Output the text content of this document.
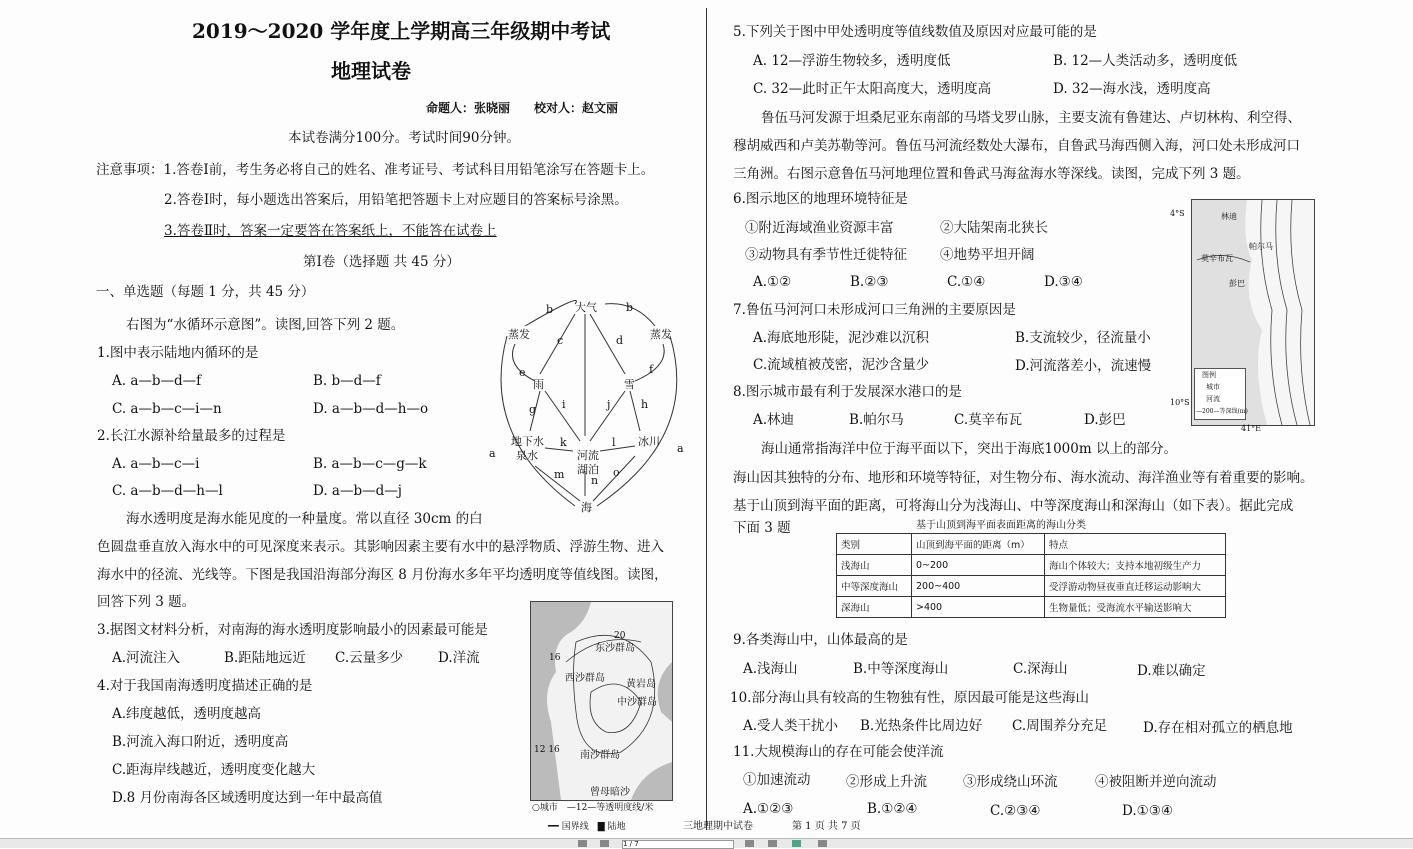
2019～2020 学年度上学期高三年级期中考试
地理试卷
命题人：张晓丽　　校对人：赵文丽
本试卷满分100分。考试时间90分钟。
注意事项：1.答卷Ⅰ前，考生务必将自己的姓名、准考证号、考试科目用铅笔涂写在答题卡上。
2.答卷Ⅰ时，每小题选出答案后，用铅笔把答题卡上对应题目的答案标号涂黑。
3.答卷Ⅱ时，答案一定要答在答案纸上，不能答在试卷上
第Ⅰ卷（选择题 共 45 分）
一、单选题（每题 1 分，共 45 分）
右图为“水循环示意图”。读图,回答下列 2 题。
1.图中表示陆地内循环的是
A. a—b—d—f	B. b—d—f
C. a—b—c—i—n	D. a—b—d—h—o
2.长江水源补给量最多的过程是
A. a—b—c—i	B. a—b—c—g—k
C. a—b—d—h—l	D. a—b—d—j
大气
蒸发	蒸发
雨	雪
地下水
泉水	河流
湖泊
冰川
海
b	b
c	d
e	f
g i	j	h
k	l
m n
o
a	a
海水透明度是海水能见度的一种量度。常以直径 30cm 的白
色圆盘垂直放入海水中的可见深度来表示。其影响因素主要有水中的悬浮物质、浮游生物、进入
海水中的径流、光线等。下图是我国沿海部分海区 8 月份海水多年平均透明度等值线图。读图，
回答下列 3 题。
3.据图文材料分析，对南海的海水透明度影响最小的因素最可能是
A.河流注入	B.距陆地远近 C.云量多少	D.洋流
4.对于我国南海透明度描述正确的是
A.纬度越低，透明度越高
B.河流入海口附近，透明度高
C.距海岸线越近，透明度变化越大
D.8 月份南海各区域透明度达到一年中最高值
东沙群岛
西沙群岛
黄岩岛
中沙群岛
南沙群岛
曾母暗沙
20
16
12 16
○城市　—12—等透明度线/米
━━ 国界线　▇ 陆地
5.下列关于图中甲处透明度等值线数值及原因对应最可能的是
A. 12—浮游生物较多，透明度低	B. 12—人类活动多，透明度低
C. 32—此时正午太阳高度大，透明度高	D. 32—海水浅，透明度高
鲁伍马河发源于坦桑尼亚东南部的马塔戈罗山脉，主要支流有鲁建达、卢切林构、利空得、
穆胡威西和卢美苏勒等河。鲁伍马河流经数处大瀑布，自鲁武马海西侧入海，河口处未形成河口
三角洲。右图示意鲁伍马河地理位置和鲁武马海盆海水等深线。读图，完成下列 3 题。
6.图示地区的地理环境特征是
①附近海域渔业资源丰富	②大陆架南北狭长
③动物具有季节性迁徙特征 ④地势平坦开阔
A.①②	B.②③	C.①④	D.③④
7.鲁伍马河河口未形成河口三角洲的主要原因是
A.海底地形陡，泥沙难以沉积	B.支流较少，径流量小
C.流域植被茂密，泥沙含量少	D.河流落差小，流速慢
8.图示城市最有利于发展深水港口的是
A.林迪	B.帕尔马	C.莫辛布瓦	D.彭巴
4°S
10°S
41°E
林迪
帕尔马
莫辛布瓦
彭巴
图例
城市
河流
—200—等深线(m)
海山通常指海洋中位于海平面以下，突出于海底1000m 以上的部分。
海山因其独特的分布、地形和环境等特征，对生物分布、海水流动、海洋渔业等有着重要的影响。
基于山顶到海平面的距离，可将海山分为浅海山、中等深度海山和深海山（如下表）。据此完成
下面 3 题	基于山顶到海平面表面距离的海山分类
类别	山顶到海平面的距离（m）	特点
浅海山	0~200	海山个体较大；支持本地初级生产力
中等深度海山	200~400	受浮游动物昼夜垂直迁移运动影响大
深海山	>400	生物量低；受海流水平输送影响大
9.各类海山中，山体最高的是
A.浅海山	B.中等深度海山	C.深海山	D.难以确定
10.部分海山具有较高的生物独有性，原因最可能是这些海山
A.受人类干扰小 B.光热条件比周边好 C.周围养分充足	D.存在相对孤立的栖息地
11.大规模海山的存在可能会使洋流
①加速流动	②形成上升流	③形成绕山环流	④被阻断并逆向流动
A.①②③	B.①②④	C.②③④	D.①③④
三地理期中试卷	第 1 页 共 7 页
1 / 7
